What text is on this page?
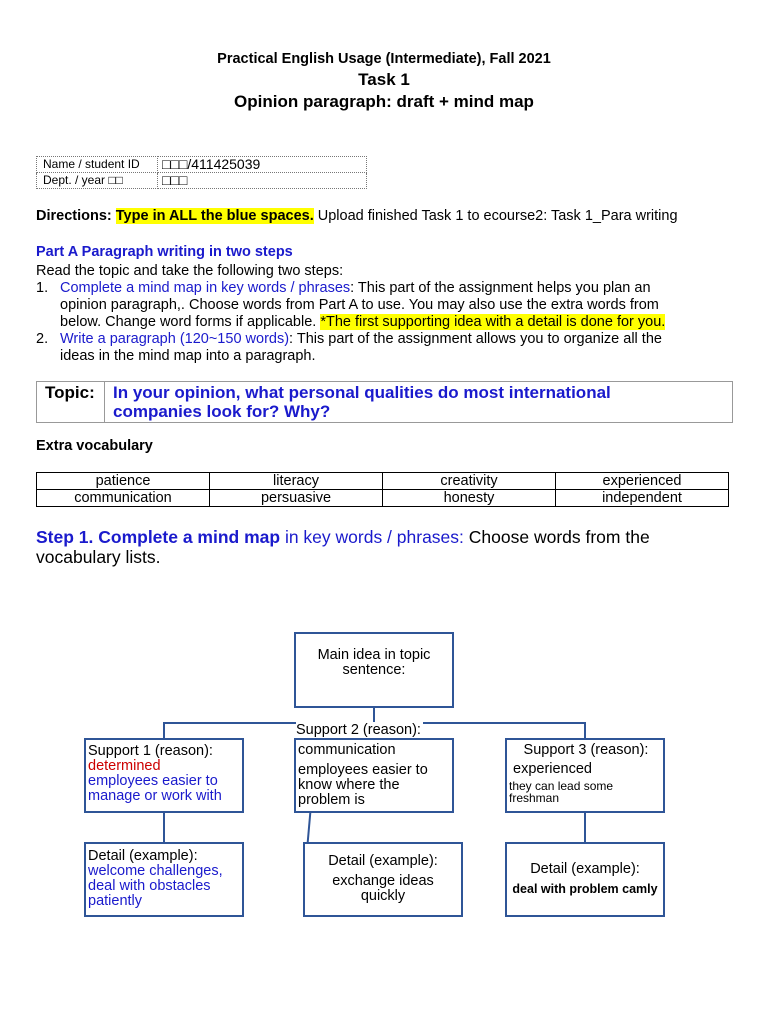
Practical English Usage (Intermediate), Fall 2021
Task 1
Opinion paragraph: draft + mind map
Name / student ID	□□□/411425039
Dept. / year □□	□□□
Directions: Type in ALL the blue spaces. Upload finished Task 1 to ecourse2: Task 1_Para writing
Part A Paragraph writing in two steps
Read the topic and take the following two steps:
1. Complete a mind map in key words / phrases: This part of the assignment helps you plan an
opinion paragraph,. Choose words from Part A to use. You may also use the extra words from
below. Change word forms if applicable. *The first supporting idea with a detail is done for you.
2. Write a paragraph (120~150 words): This part of the assignment allows you to organize all the
ideas in the mind map into a paragraph.
Topic:	In your opinion, what personal qualities do most international
companies look for? Why?
Extra vocabulary
patience	literacy	creativity	experienced
communication	persuasive	honesty	independent
Step 1. Complete a mind map in key words / phrases: Choose words from the
vocabulary lists.
Main idea in topic
sentence:
Support 1 (reason):
determined
employees easier to
manage or work with
Support 2 (reason):
communication
employees easier to
know where the
problem is
Support 3 (reason):
experienced
they can lead some
freshman
Detail (example):
welcome challenges,
deal with obstacles
patiently
Detail (example):
exchange ideas
quickly
Detail (example):
deal with problem camly
